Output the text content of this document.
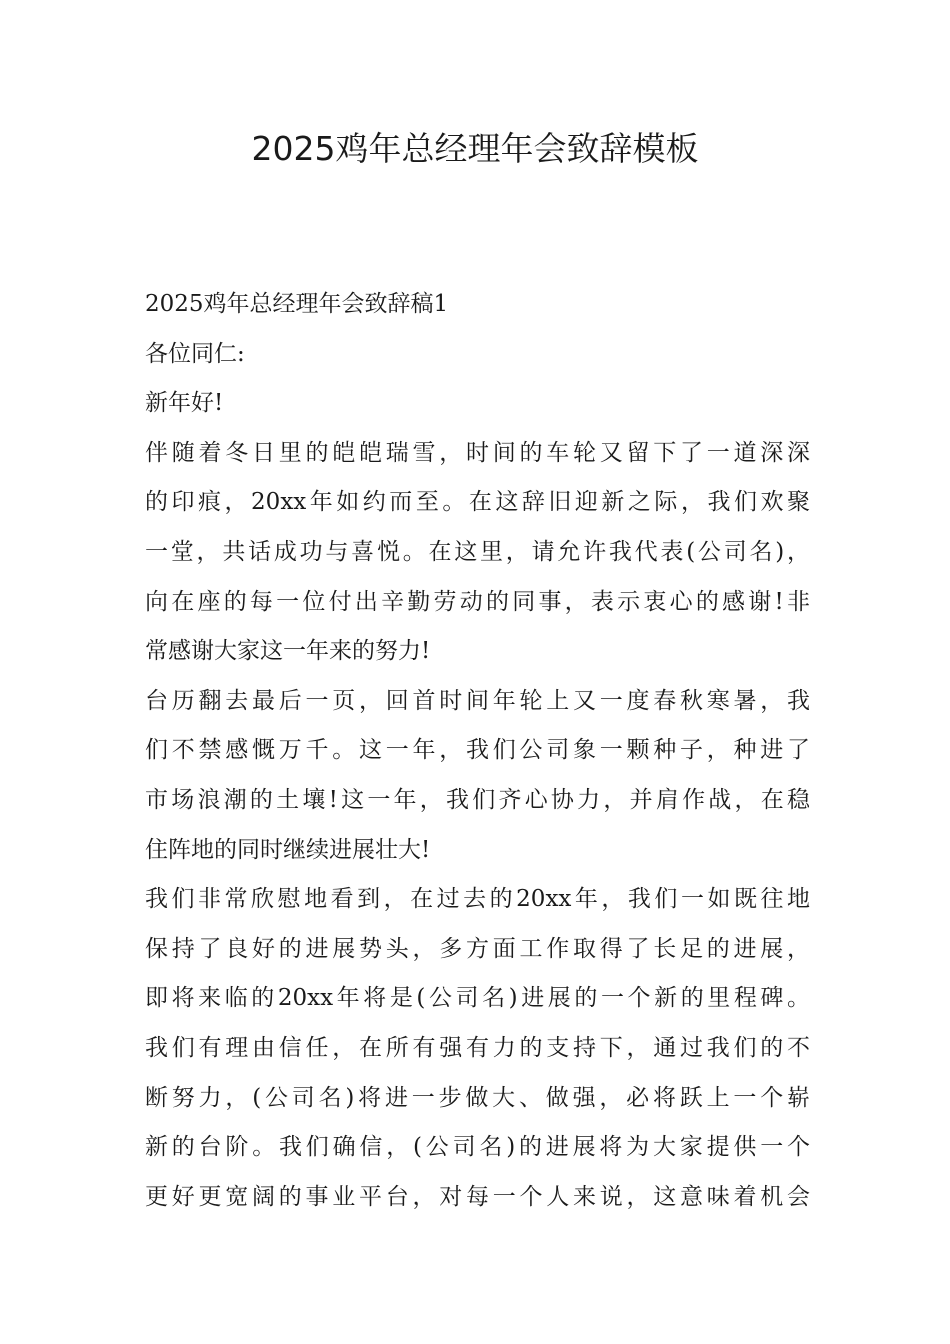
2025鸡年总经理年会致辞模板
2025鸡年总经理年会致辞稿1
各位同仁:
新年好!
伴随着冬日里的皑皑瑞雪，时间的车轮又留下了一道深深
的印痕，20xx年如约而至。在这辞旧迎新之际，我们欢聚
一堂，共话成功与喜悦。在这里，请允许我代表(公司名)，
向在座的每一位付出辛勤劳动的同事，表示衷心的感谢!非
常感谢大家这一年来的努力!
台历翻去最后一页，回首时间年轮上又一度春秋寒暑，我
们不禁感慨万千。这一年，我们公司象一颗种子，种进了
市场浪潮的土壤!这一年，我们齐心协力，并肩作战，在稳
住阵地的同时继续进展壮大!
我们非常欣慰地看到，在过去的20xx年，我们一如既往地
保持了良好的进展势头，多方面工作取得了长足的进展，
即将来临的20xx年将是(公司名)进展的一个新的里程碑。
我们有理由信任，在所有强有力的支持下，通过我们的不
断努力，(公司名)将进一步做大、做强，必将跃上一个崭
新的台阶。我们确信，(公司名)的进展将为大家提供一个
更好更宽阔的事业平台，对每一个人来说，这意味着机会
